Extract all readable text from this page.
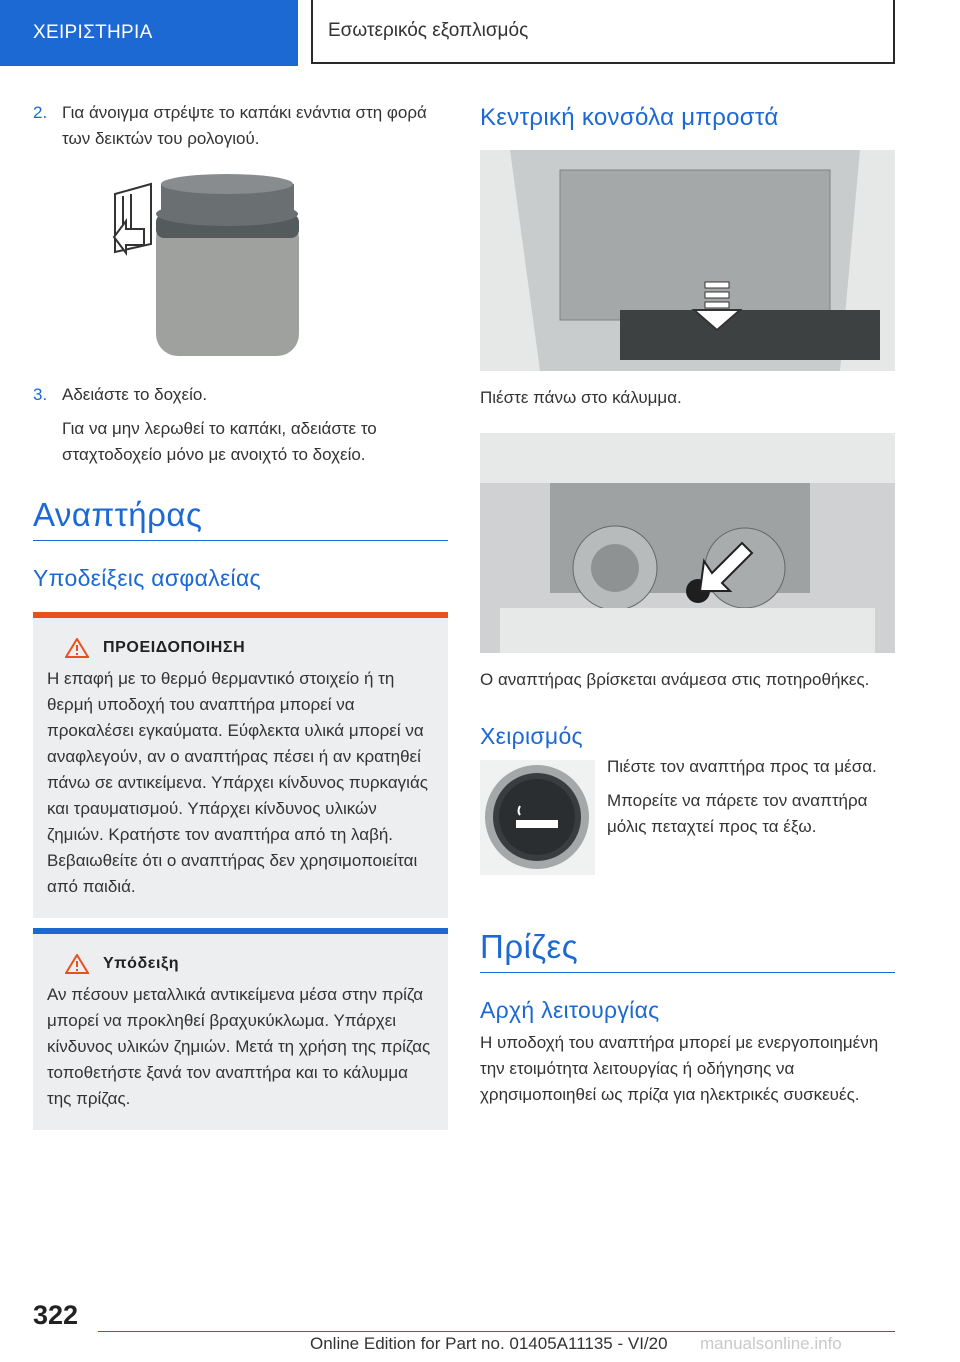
ΧΕΙΡΙΣΤΗΡΙΑ	Εσωτερικός εξοπλισμός
2. Για άνοιγμα στρέψτε το καπάκι ενάντια στη φορά των δεικτών του ρολογιού.

3. Αδειάστε το δοχείο.

Για να μην λερωθεί το καπάκι, αδειάστε το σταχτοδοχείο μόνο με ανοιχτό το δοχείο.

Αναπτήρας
Υποδείξεις ασφαλείας
ΠΡΟΕΙΔΟΠΟΙΗΣΗ

Η επαφή με το θερμό θερμαντικό στοιχείο ή τη θερμή υποδοχή του αναπτήρα μπορεί να προκαλέσει εγκαύματα. Εύφλεκτα υλικά μπορεί να αναφλεγούν, αν ο αναπτήρας πέσει ή αν κρατηθεί πάνω σε αντικείμενα. Υπάρχει κίνδυνος πυρκαγιάς και τραυματισμού. Υπάρχει κίνδυνος υλικών ζημιών. Κρατήστε τον αναπτήρα από τη λαβή. Βεβαιωθείτε ότι ο αναπτήρας δεν χρησιμοποιείται από παιδιά.

Υπόδειξη

Αν πέσουν μεταλλικά αντικείμενα μέσα στην πρίζα μπορεί να προκληθεί βραχυκύκλωμα. Υπάρχει κίνδυνος υλικών ζημιών. Μετά τη χρήση της πρίζας τοποθετήστε ξανά τον αναπτήρα και το κάλυμμα της πρίζας.

Κεντρική κονσόλα μπροστά

Πιέστε πάνω στο κάλυμμα.

Ο αναπτήρας βρίσκεται ανάμεσα στις ποτηροθήκες.

Χειρισμός

Πιέστε τον αναπτήρα προς τα μέσα.

Μπορείτε να πάρετε τον αναπτήρα μόλις πεταχτεί προς τα έξω.

Πρίζες
Αρχή λειτουργίας

Η υποδοχή του αναπτήρα μπορεί με ενεργοποιημένη την ετοιμότητα λειτουργίας ή οδήγησης να χρησιμοποιηθεί ως πρίζα για ηλεκτρικές συσκευές.

322
Online Edition for Part no. 01405A11135 - VI/20 manualsonline.info
